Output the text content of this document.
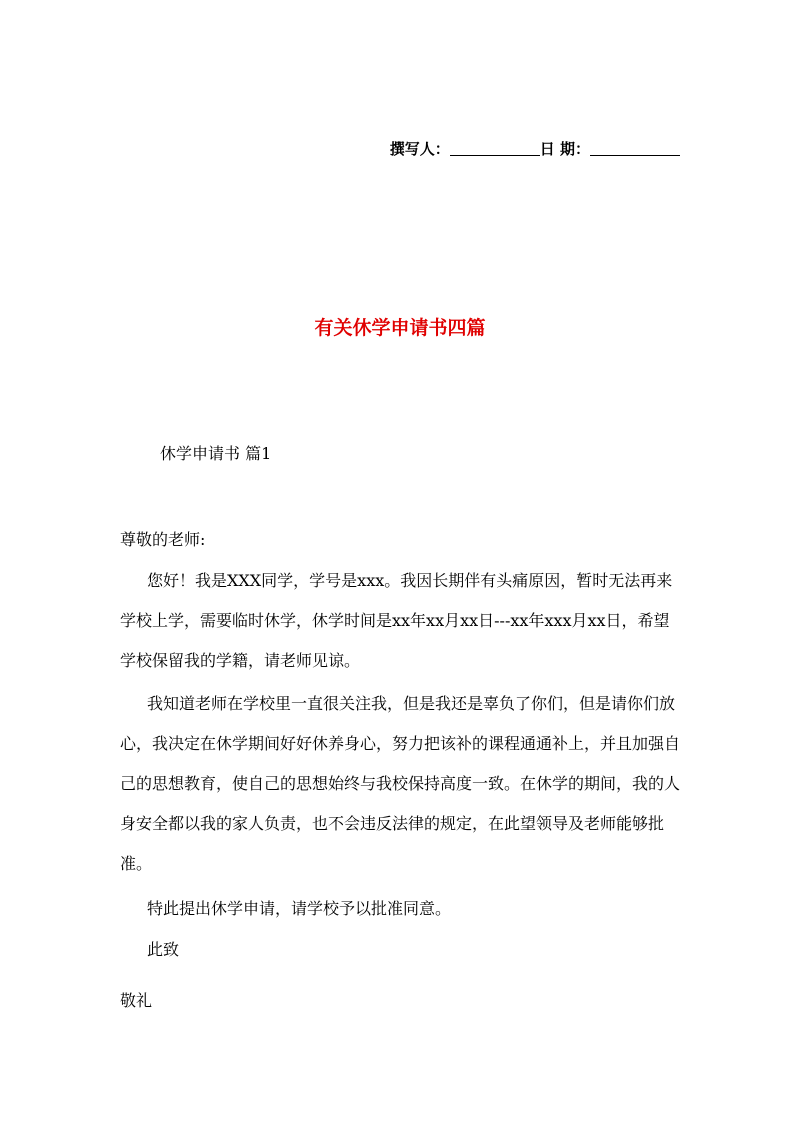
撰写人：	日 期：
有关休学申请书四篇
休学申请书 篇1
尊敬的老师:
您好！我是XXX同学，学号是xxx。我因长期伴有头痛原因，暂时无法再来学校上学，需要临时休学，休学时间是xx年xx月xx日---xx年xxx月xx日，希望学校保留我的学籍，请老师见谅。
我知道老师在学校里一直很关注我，但是我还是辜负了你们，但是请你们放心，我决定在休学期间好好休养身心，努力把该补的课程通通补上，并且加强自己的思想教育，使自己的思想始终与我校保持高度一致。在休学的期间，我的人身安全都以我的家人负责，也不会违反法律的规定，在此望领导及老师能够批准。
特此提出休学申请，请学校予以批准同意。
此致
敬礼
